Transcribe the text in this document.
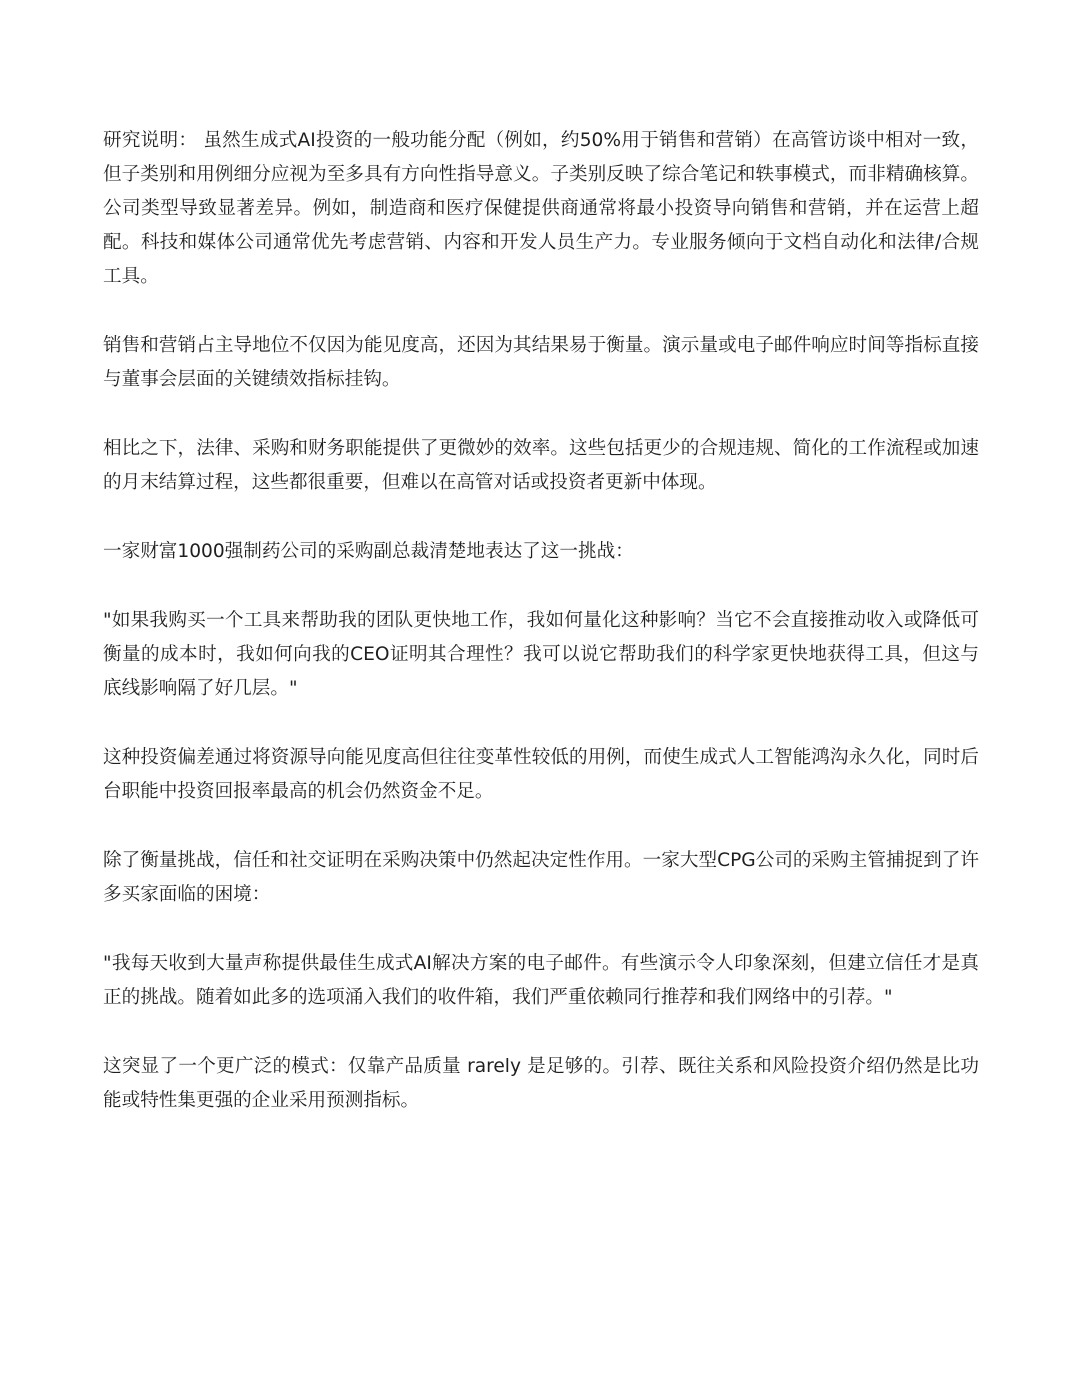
研究说明： 虽然生成式AI投资的一般功能分配（例如，约50%用于销售和营销）在高管访谈中相对一致，但子类别和用例细分应视为至多具有方向性指导意义。子类别反映了综合笔记和轶事模式，而非精确核算。公司类型导致显著差异。例如，制造商和医疗保健提供商通常将最小投资导向销售和营销，并在运营上超配。科技和媒体公司通常优先考虑营销、内容和开发人员生产力。专业服务倾向于文档自动化和法律/合规工具。

销售和营销占主导地位不仅因为能见度高，还因为其结果易于衡量。演示量或电子邮件响应时间等指标直接与董事会层面的关键绩效指标挂钩。

相比之下，法律、采购和财务职能提供了更微妙的效率。这些包括更少的合规违规、简化的工作流程或加速的月末结算过程，这些都很重要，但难以在高管对话或投资者更新中体现。

一家财富1000强制药公司的采购副总裁清楚地表达了这一挑战：

"如果我购买一个工具来帮助我的团队更快地工作，我如何量化这种影响？当它不会直接推动收入或降低可衡量的成本时，我如何向我的CEO证明其合理性？我可以说它帮助我们的科学家更快地获得工具，但这与底线影响隔了好几层。"

这种投资偏差通过将资源导向能见度高但往往变革性较低的用例，而使生成式人工智能鸿沟永久化，同时后台职能中投资回报率最高的机会仍然资金不足。

除了衡量挑战，信任和社交证明在采购决策中仍然起决定性作用。一家大型CPG公司的采购主管捕捉到了许多买家面临的困境：

"我每天收到大量声称提供最佳生成式AI解决方案的电子邮件。有些演示令人印象深刻，但建立信任才是真正的挑战。随着如此多的选项涌入我们的收件箱，我们严重依赖同行推荐和我们网络中的引荐。"

这突显了一个更广泛的模式：仅靠产品质量 rarely 是足够的。引荐、既往关系和风险投资介绍仍然是比功能或特性集更强的企业采用预测指标。
